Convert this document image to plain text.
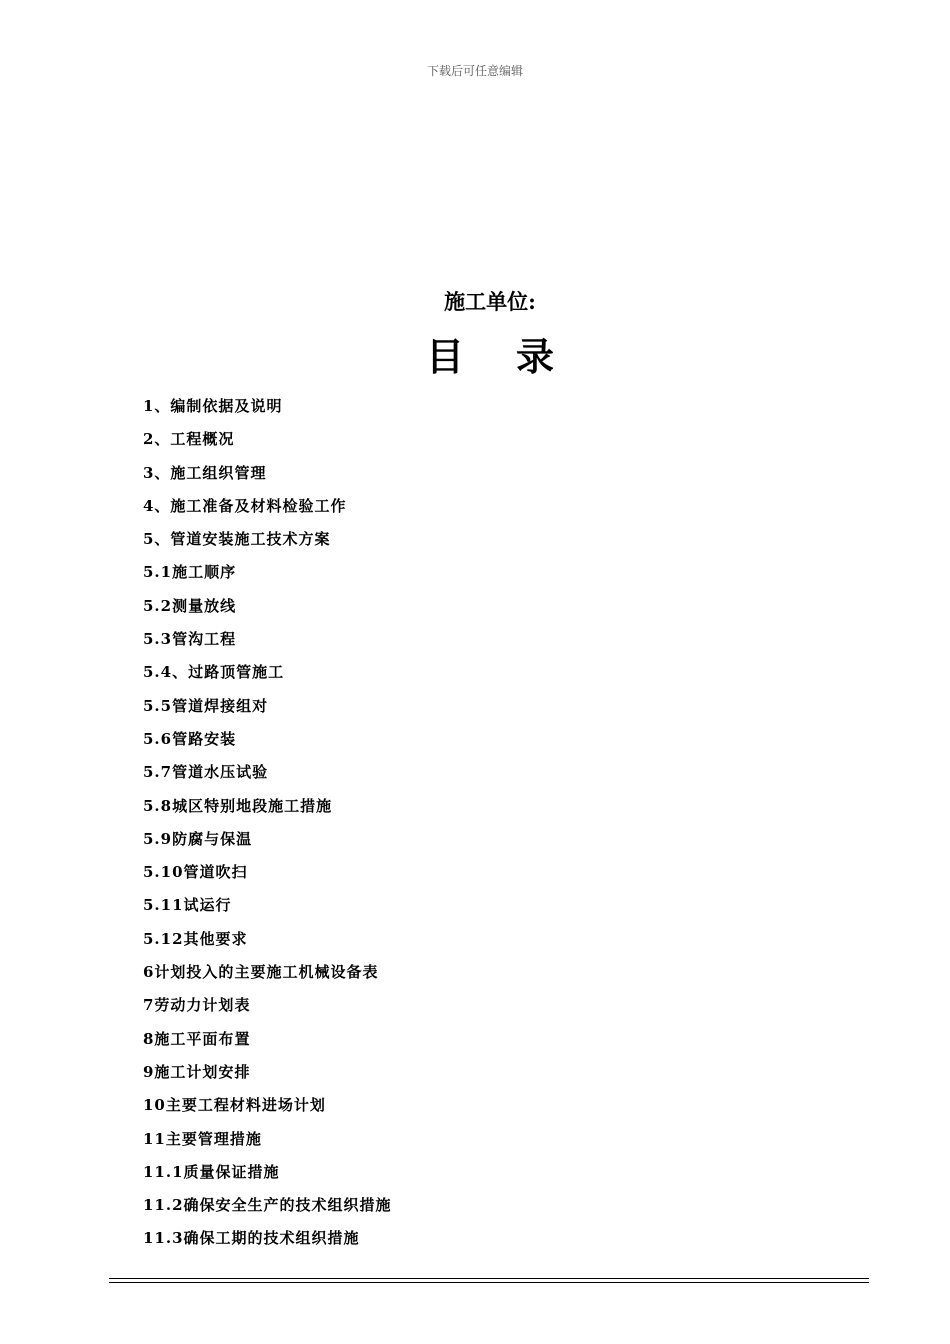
下载后可任意编辑
施工单位:
目录
1、编制依据及说明
2、工程概况
3、施工组织管理
4、施工准备及材料检验工作
5、管道安装施工技术方案
5.1施工顺序
5.2测量放线
5.3管沟工程
5.4、过路顶管施工
5.5管道焊接组对
5.6管路安装
5.7管道水压试验
5.8城区特别地段施工措施
5.9防腐与保温
5.10管道吹扫
5.11试运行
5.12其他要求
6计划投入的主要施工机械设备表
7劳动力计划表
8施工平面布置
9施工计划安排
10主要工程材料进场计划
11主要管理措施
11.1质量保证措施
11.2确保安全生产的技术组织措施
11.3确保工期的技术组织措施
